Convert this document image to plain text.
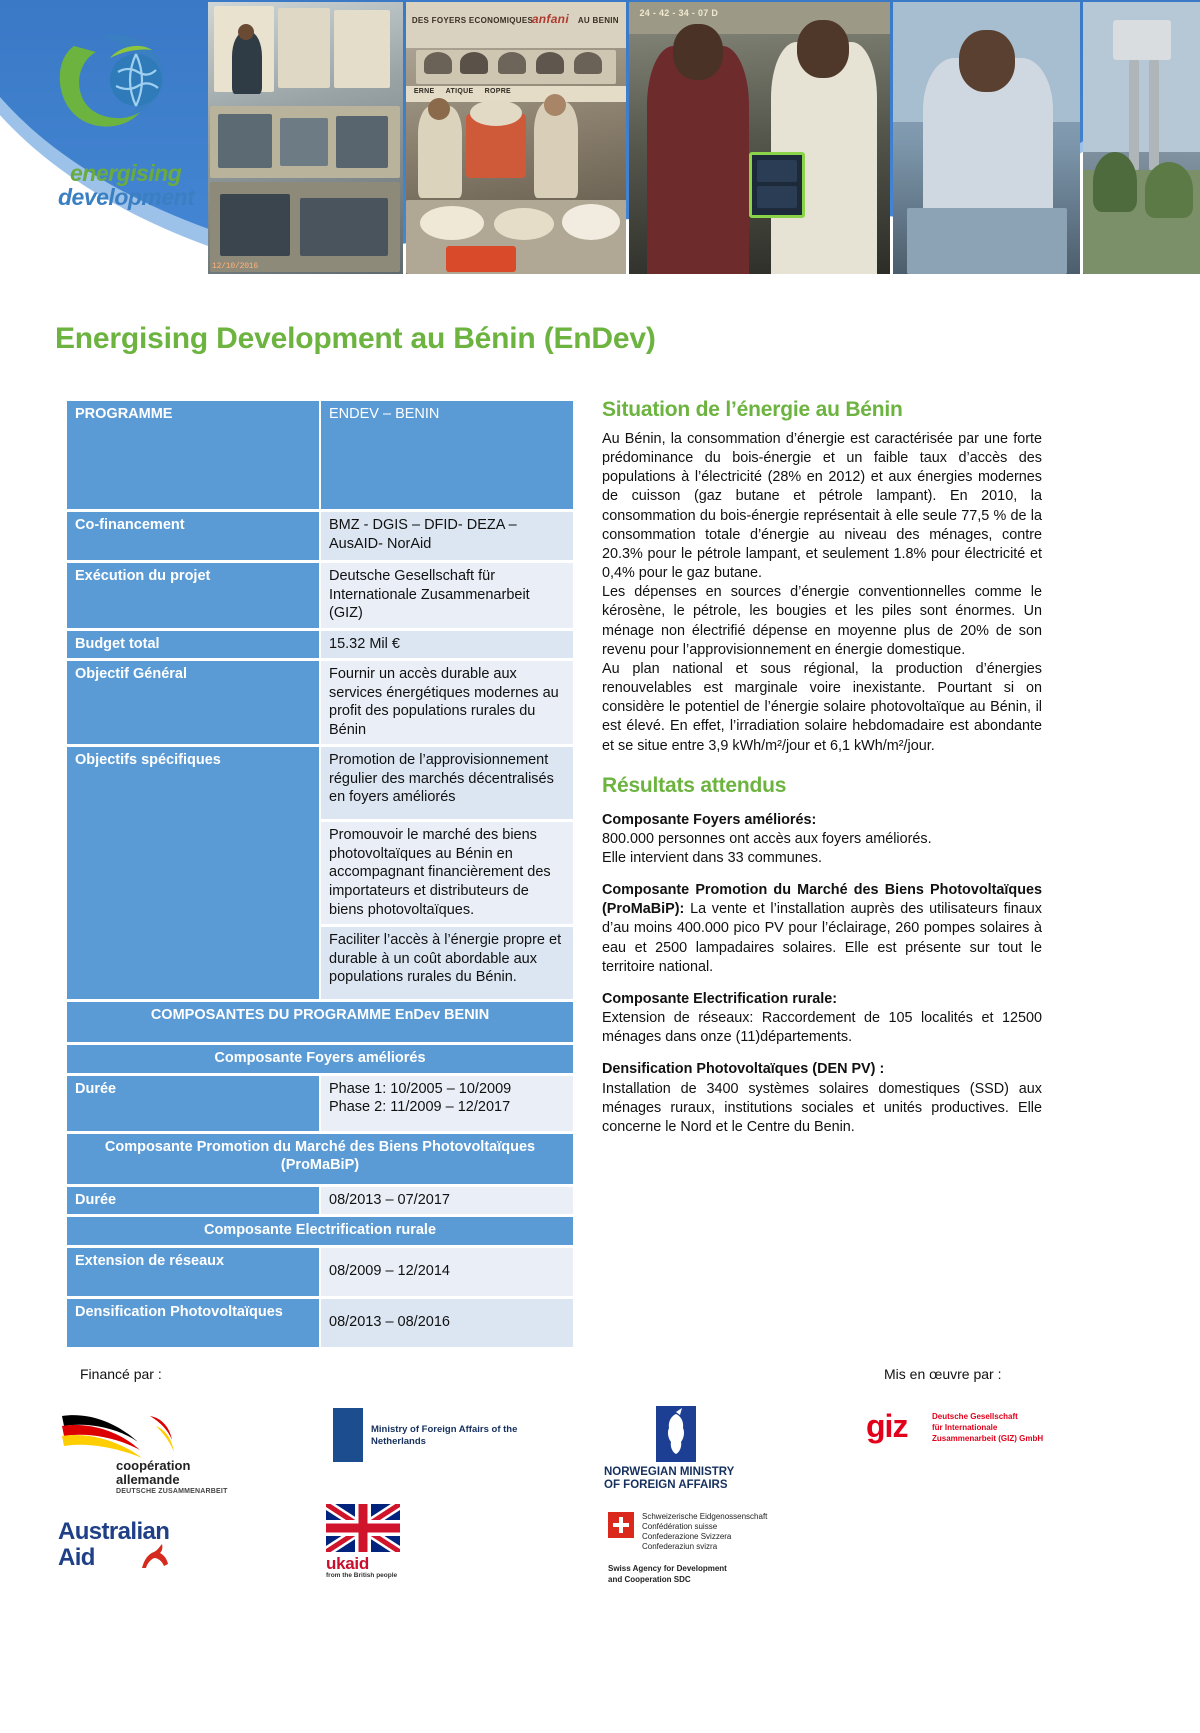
12/10/2016
DES FOYERS ECONOMIQUES
anfani AU BENIN
ERNE     ATIQUE     ROPRE
24 - 42 - 34 - 07 D
energising
development
Energising Development au Bénin (EnDev)
PROGRAMME	ENDEV – BENIN
Co-financement	BMZ - DGIS – DFID- DEZA –AusAID- NorAid
Exécution du projet	Deutsche Gesellschaft für Internationale Zusammenarbeit (GIZ)
Budget total	15.32 Mil €
Objectif Général	Fournir un accès durable aux services énergétiques modernes au profit des populations rurales du Bénin
Objectifs spécifiques	Promotion de l’approvisionnement régulier des marchés décentralisés en foyers améliorés
	Promouvoir le marché des biens photovoltaïques au Bénin en accompagnant financièrement des importateurs et distributeurs de biens photovoltaïques.
	Faciliter l’accès à l’énergie propre et durable à un coût abordable aux populations rurales du Bénin.
COMPOSANTES DU PROGRAMME EnDev BENIN	
Composante Foyers améliorés	
Durée	Phase 1: 10/2005 – 10/2009
Phase 2: 11/2009 – 12/2017
Composante Promotion du Marché des Biens Photovoltaïques
(ProMaBiP)	
Durée	08/2013 – 07/2017
Composante Electrification rurale	
Extension de réseaux	08/2009 – 12/2014
Densification Photovoltaïques	08/2013 – 08/2016
Situation de l’énergie au Bénin

Au Bénin, la consommation d’énergie est caractérisée par une forte prédominance du bois-énergie et un faible taux d’accès des populations à l’électricité (28% en 2012) et aux énergies modernes de cuisson (gaz butane et pétrole lampant). En 2010, la consommation du bois-énergie représentait à elle seule 77,5 % de la consommation totale d’énergie au niveau des ménages, contre 20.3% pour le pétrole lampant, et seulement 1.8% pour électricité et 0,4% pour le gaz butane.

Les dépenses en sources d’énergie conventionnelles comme le kérosène, le pétrole, les bougies et les piles sont énormes. Un ménage non électrifié dépense en moyenne plus de 20% de son revenu pour l’approvisionnement en énergie domestique.

Au plan national et sous régional, la production d’énergies renouvelables est marginale voire inexistante. Pourtant si on considère le potentiel de l’énergie solaire photovoltaïque au Bénin, il est élevé. En effet, l’irradiation solaire hebdomadaire est abondante et se situe entre 3,9 kWh/m²/jour et 6,1 kWh/m²/jour.

Résultats attendus

Composante Foyers améliorés:

800.000 personnes ont accès aux foyers améliorés.

Elle intervient dans 33 communes.

Composante Promotion du Marché des Biens Photovoltaïques (ProMaBiP): La vente et l’installation auprès des utilisateurs finaux d’au moins 400.000 pico PV pour l’éclairage, 260 pompes solaires à eau et 2500 lampadaires solaires. Elle est présente sur tout le territoire national.

Composante Electrification rurale:

Extension de réseaux: Raccordement de 105 localités et 12500 ménages dans onze (11)départements.

Densification Photovoltaïques (DEN PV) :

Installation de 3400 systèmes solaires domestiques (SSD) aux ménages ruraux, institutions sociales et unités productives. Elle concerne le Nord et le Centre du Benin.

Financé par :	Mis en œuvre par :
coopération
allemande
DEUTSCHE ZUSAMMENARBEIT
Australian
Aid
Ministry of Foreign Affairs of the
Netherlands
ukaid
from the British people
NORWEGIAN MINISTRY
OF FOREIGN AFFAIRS
Schweizerische Eidgenossenschaft
Confédération suisse
Confederazione Svizzera
Confederaziun svizra
Swiss Agency for Development
and Cooperation SDC
giz	Deutsche Gesellschaft
für Internationale
Zusammenarbeit (GIZ) GmbH
